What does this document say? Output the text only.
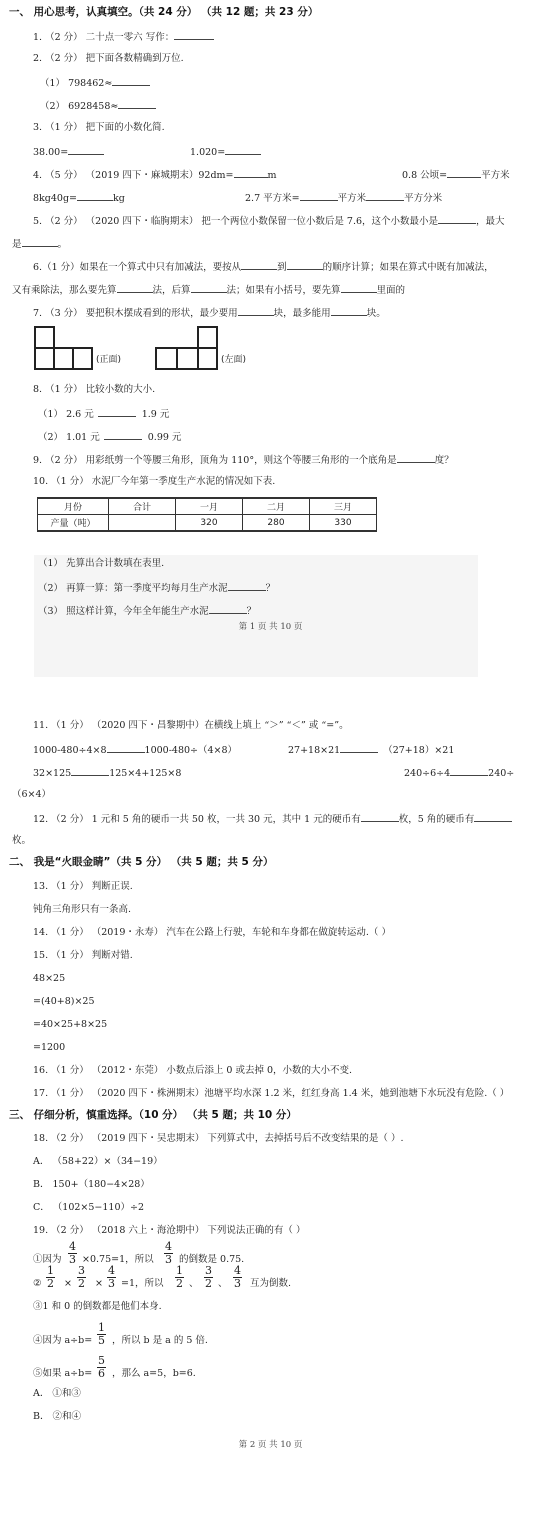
一、 用心思考，认真填空。（共 24 分） （共 12 题；共 23 分）
1. （2 分） 二十点一零六 写作：
2. （2 分） 把下面各数精确到万位.
（1） 798462≈
（2） 6928458≈
3. （1 分） 把下面的小数化简.
38.00=	1.020=
4. （5 分） （2019 四下・麻城期末）92dm=	m	0.8 公顷=	平方米
8kg40g=	kg	2.7 平方米=	平方米	平方分米
5. （2 分） （2020 四下・临朐期末） 把一个两位小数保留一位小数后是 7.6，这个小数最小是	，最大
是	。
6.（1 分）如果在一个算式中只有加减法，要按从	到	的顺序计算；如果在算式中既有加减法，
又有乘除法，那么要先算	法，后算	法；如果有小括号，要先算	里面的
7. （3 分） 要把积木摆成看到的形状，最少要用	块，最多能用	块。
(正面)	(左面)
8. （1 分） 比较小数的大小.
（1） 2.6 元	1.9 元
（2） 1.01 元	0.99 元
9. （2 分） 用彩纸剪一个等腰三角形，顶角为 110°，则这个等腰三角形的一个底角是	度？
10. （1 分） 水泥厂今年第一季度生产水泥的情况如下表.
月份	合计	一月	二月	三月
产量（吨）		320	280	330
（1） 先算出合计数填在表里.
（2） 再算一算：第一季度平均每月生产水泥	？
（3） 照这样计算，今年全年能生产水泥	？
第 1 页 共 10 页
11. （1 分） （2020 四下・昌黎期中）在横线上填上 “＞” “＜” 或 “=”。
1000-480÷4×8	1000-480÷（4×8）	27+18×21	（27+18）×21
32×125	125×4+125×8	240÷6÷4	240÷
（6×4）
12. （2 分） 1 元和 5 角的硬币一共 50 枚，一共 30 元，其中 1 元的硬币有	枚，5 角的硬币有
枚。
二、 我是“火眼金睛”（共 5 分） （共 5 题；共 5 分）
13. （1 分） 判断正误.
钝角三角形只有一条高.
14. （1 分） （2019・永寿） 汽车在公路上行驶，车轮和车身都在做旋转运动.（ ）
15. （1 分） 判断对错.
48×25
=(40+8)×25
=40×25+8×25
=1200
16. （1 分） （2012・东莞） 小数点后添上 0 或去掉 0，小数的大小不变.
17. （1 分） （2020 四下・株洲期末）池塘平均水深 1.2 米，红红身高 1.4 米，她到池塘下水玩没有危险.（ ）
三、 仔细分析，慎重选择。（10 分） （共 5 题；共 10 分）
18. （2 分） （2019 四下・吴忠期末） 下列算式中，去掉括号后不改变结果的是（ ）.
A． （58+22）×（34−19）
B． 150+（180−4×28）
C． （102×5−110）÷2
19. （2 分） （2018 六上・海沧期中） 下列说法正确的有（ ）
①因为 $\frac{4}{3} \times 0.75=1$，所以 $\frac{4}{3}$ 的倒数是 0.75.
② $\frac{1}{2} \times \frac{3}{2} \times \frac{4}{3} =1$，所以 $\frac{1}{2}$ 、 $\frac{3}{2}$ 、 $\frac{4}{3}$ 互为倒数.
③1 和 0 的倒数都是他们本身.
④因为 $a\div b= \frac{1}{5}$ ，所以 b 是 a 的 5 倍.
⑤如果 $a\div b= \frac{5}{6}$ ，那么 a=5，b=6.
A． ①和③
B． ②和④
第 2 页 共 10 页
